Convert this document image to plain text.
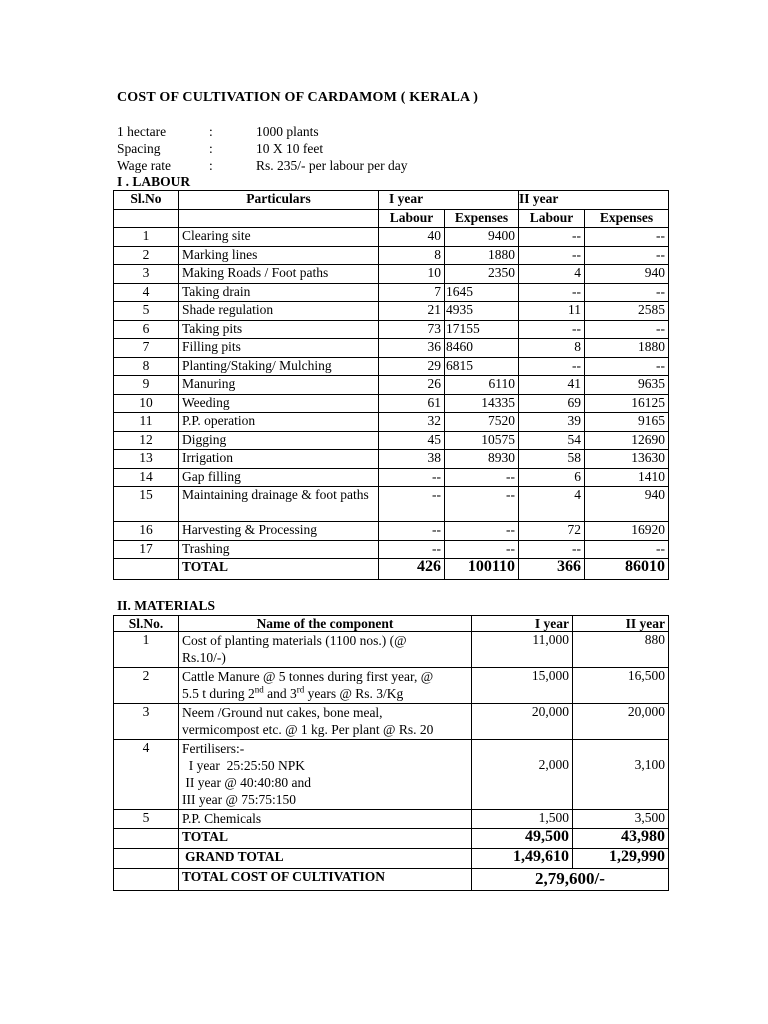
COST OF CULTIVATION OF CARDAMOM ( KERALA )
1 hectare	:	1000 plants
Spacing	:	10 X 10 feet
Wage rate	:	Rs. 235/- per labour per day
I . LABOUR
Sl.No	Particulars	I year		II year	
		Labour	Expenses	Labour	Expenses
1	Clearing site	40	9400	--	--
2	Marking lines	8	1880	--	--
3	Making Roads / Foot paths	10	2350	4	940
4	Taking drain	7	1645	--	--
5	Shade regulation	21	4935	11	2585
6	Taking pits	73	17155	--	--
7	Filling pits	36	8460	8	1880
8	Planting/Staking/ Mulching	29	6815	--	--
9	Manuring	26	6110	41	9635
10	Weeding	61	14335	69	16125
11	P.P. operation	32	7520	39	9165
12	Digging	45	10575	54	12690
13	Irrigation	38	8930	58	13630
14	Gap filling	--	--	6	1410
15	Maintaining drainage & foot paths	--	--	4	940
16	Harvesting & Processing	--	--	72	16920
17	Trashing	--	--	--	--
	TOTAL	426	100110	366	86010
II. MATERIALS
Sl.No.	Name of the component	I year	II year
1	Cost of planting materials (1100 nos.) (@
Rs.10/-)	11,000	880
2	Cattle Manure @ 5 tonnes during first year, @
5.5 t during 2nd and 3rd years @ Rs. 3/Kg	15,000	16,500
3	Neem /Ground nut cakes, bone meal,
vermicompost etc. @ 1 kg. Per plant @ Rs. 20	20,000	20,000
4	Fertilisers:-
I year  25:25:50 NPK
II year @ 40:40:80 and
III year @ 75:75:150	2,000	3,100
5	P.P. Chemicals	1,500	3,500
	TOTAL	49,500	43,980
	GRAND TOTAL	1,49,610	1,29,990
	TOTAL COST OF CULTIVATION	2,79,600/-	
